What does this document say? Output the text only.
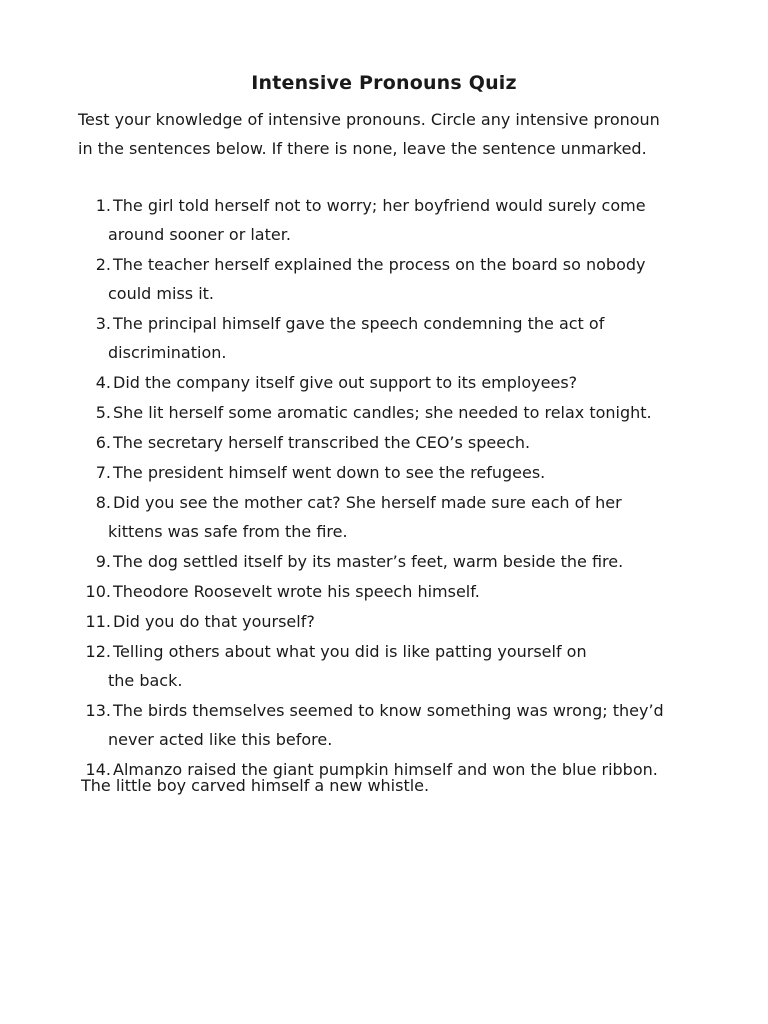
Intensive Pronouns Quiz

Test your knowledge of intensive pronouns. Circle any intensive pronoun

in the sentences below. If there is none, leave the sentence unmarked.

1. The girl told herself not to worry; her boyfriend would surely come
around sooner or later.
2. The teacher herself explained the process on the board so nobody
could miss it.
3. The principal himself gave the speech condemning the act of
discrimination.
4. Did the company itself give out support to its employees?
5. She lit herself some aromatic candles; she needed to relax tonight.
6. The secretary herself transcribed the CEO’s speech.
7. The president himself went down to see the refugees.
8. Did you see the mother cat? She herself made sure each of her
kittens was safe from the fire.
9. The dog settled itself by its master’s feet, warm beside the fire.
10. Theodore Roosevelt wrote his speech himself.
11. Did you do that yourself?
12. Telling others about what you did is like patting yourself on
the back.
13. The birds themselves seemed to know something was wrong; they’d
never acted like this before.
14. Almanzo raised the giant pumpkin himself and won the blue ribbon.
The little boy carved himself a new whistle.
